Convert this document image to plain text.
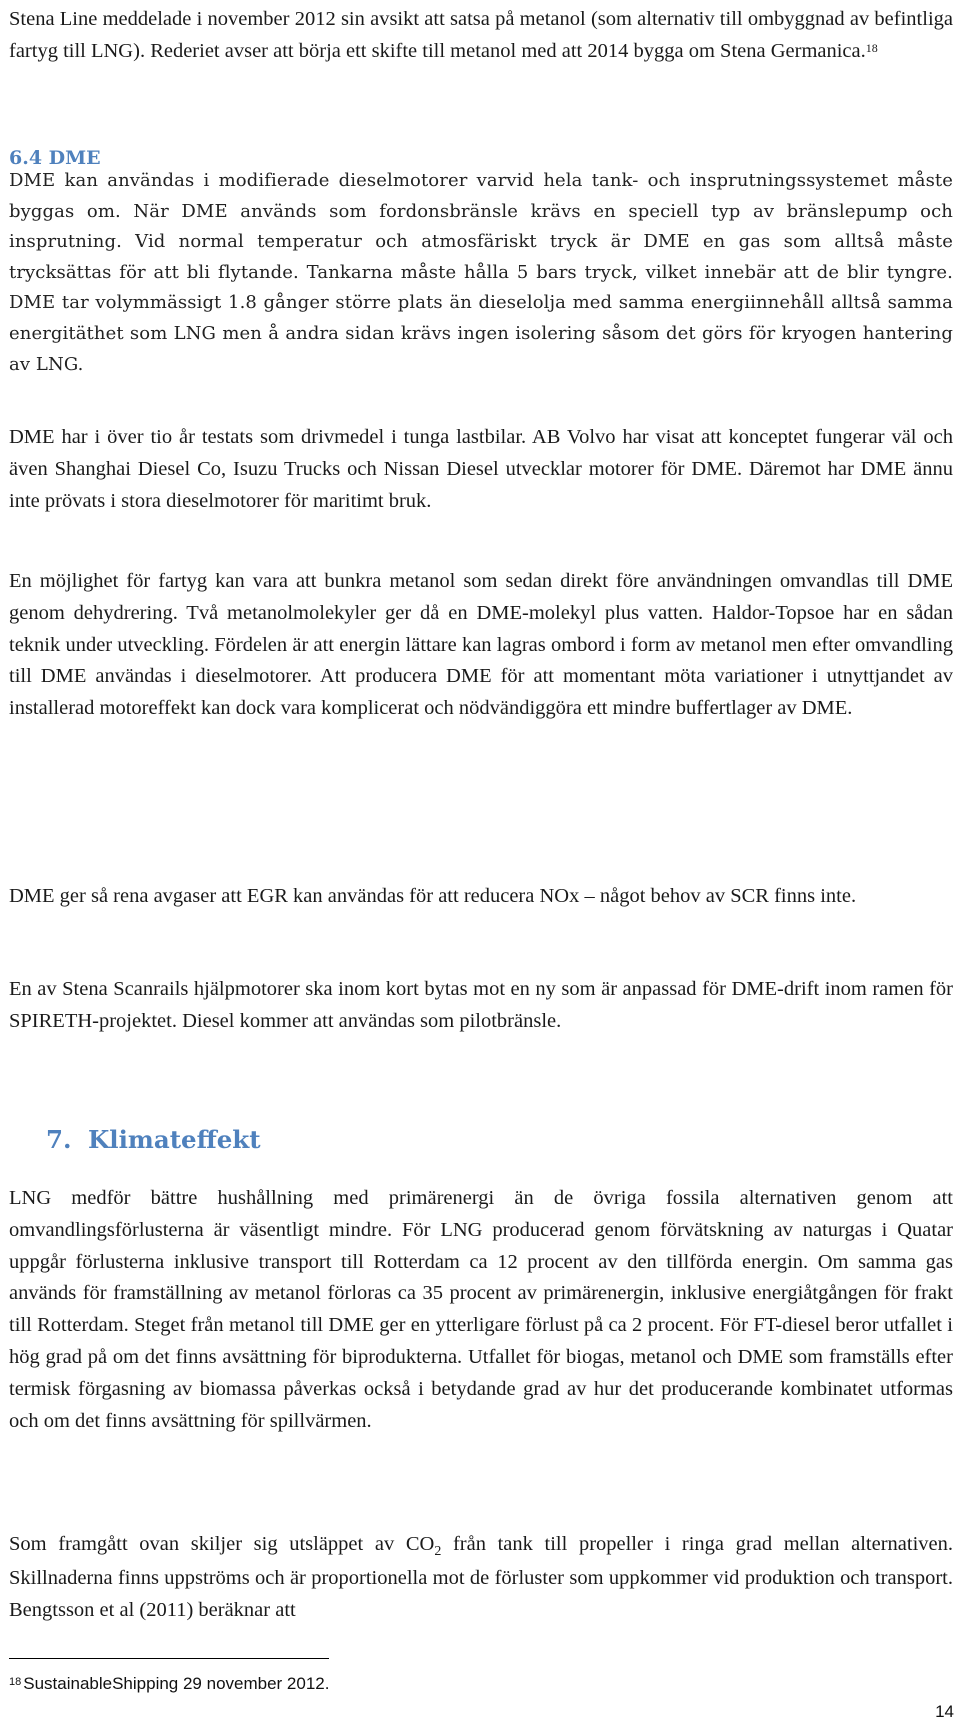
Stena Line meddelade i november 2012 sin avsikt att satsa på metanol (som alternativ till ombyggnad av befintliga fartyg till LNG). Rederiet avser att börja ett skifte till metanol med att 2014 bygga om Stena Germanica.$^{18}$

6.4 DME

DME kan användas i modifierade dieselmotorer varvid hela tank- och insprutningssystemet måste byggas om. När DME används som fordonsbränsle krävs en speciell typ av bränslepump och insprutning. Vid normal temperatur och atmosfäriskt tryck är DME en gas som alltså måste trycksättas för att bli flytande. Tankarna måste hålla 5 bars tryck, vilket innebär att de blir tyngre. DME tar volymmässigt 1.8 gånger större plats än dieselolja med samma energiinnehåll alltså samma energitäthet som LNG men å andra sidan krävs ingen isolering såsom det görs för kryogen hantering av LNG.

DME har i över tio år testats som drivmedel i tunga lastbilar. AB Volvo har visat att konceptet fungerar väl och även Shanghai Diesel Co, Isuzu Trucks och Nissan Diesel utvecklar motorer för DME. Däremot har DME ännu inte prövats i stora dieselmotorer för maritimt bruk.

En möjlighet för fartyg kan vara att bunkra metanol som sedan direkt före användningen omvandlas till DME genom dehydrering. Två metanolmolekyler ger då en DME-molekyl plus vatten. Haldor-Topsoe har en sådan teknik under utveckling. Fördelen är att energin lättare kan lagras ombord i form av metanol men efter omvandling till DME användas i dieselmotorer. Att producera DME för att momentant möta variationer i utnyttjandet av installerad motoreffekt kan dock vara komplicerat och nödvändiggöra ett mindre buffertlager av DME.

DME ger så rena avgaser att EGR kan användas för att reducera NOx – något behov av SCR finns inte.

En av Stena Scanrails hjälpmotorer ska inom kort bytas mot en ny som är anpassad för DME-drift inom ramen för SPIRETH-projektet. Diesel kommer att användas som pilotbränsle.

7. Klimateffekt

LNG medför bättre hushållning med primärenergi än de övriga fossila alternativen genom att omvandlingsförlusterna är väsentligt mindre. För LNG producerad genom förvätskning av naturgas i Quatar uppgår förlusterna inklusive transport till Rotterdam ca 12 procent av den tillförda energin. Om samma gas används för framställning av metanol förloras ca 35 procent av primärenergin, inklusive energiåtgången för frakt till Rotterdam. Steget från metanol till DME ger en ytterligare förlust på ca 2 procent. För FT-diesel beror utfallet i hög grad på om det finns avsättning för biprodukterna. Utfallet för biogas, metanol och DME som framställs efter termisk förgasning av biomassa påverkas också i betydande grad av hur det producerande kombinatet utformas och om det finns avsättning för spillvärmen.

Som framgått ovan skiljer sig utsläppet av $CO_2$ från tank till propeller i ringa grad mellan alternativen. Skillnaderna finns uppströms och är proportionella mot de förluster som uppkommer vid produktion och transport. Bengtsson et al (2011) beräknar att

$^{18}$ SustainableShipping 29 november 2012.

14
